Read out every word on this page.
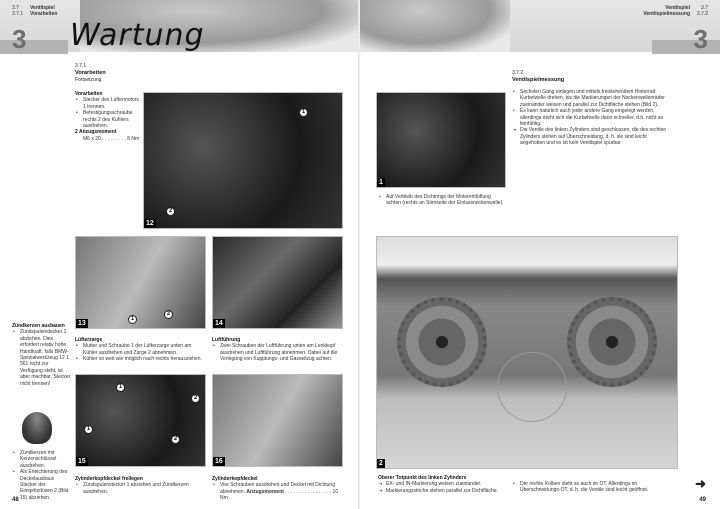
3.7 Ventilspiel
3.7.1 Vorarbeiten
3 Wartung
3.7.1
Vorarbeiten
Fortsetzung
Vorarbeiten
• Stecker des Lüftermotors 1 trennen.
• Befestigungsschraube rechts 2 des Kühlers ausdrehen.
2 Anzugsmoment
M6 x 20 . . . . . . . . . 8 Nm
1
2
12
Zündkerzen ausbauen
• Zündspulenstecker 1 abziehen. Dies erfordert relativ hohe Handkraft, falls BMW-Spezialwerkzeug 12 1 561 nicht zur Verfügung steht, ist aber machbar. Stecker nicht trennen!
• Zündkerzen mit Kerzenschlüssel ausdrehen.
• Als Erleichterung des Deckelausbaus Stecker der Einspritzdüsen 2 (Bild 15) abziehen.
1
2
13	14
Lüfterzarge
• Mutter und Schraube 1 der Lüfterzarge unten am Kühler ausdrehen und Zarge 2 abnehmen.
• Kühler so weit wie möglich nach rechts herausziehen.
Luftführung
• Zwei Schrauben der Luftführung unten am Lenkkopf ausdrehen und Luftführung abnehmen. Dabei auf die Verlegung von Kupplungs- und Gasseilzug achten.
1
1
2
2
15	16
Zylinderkopfdeckel freilegen
• Zündspulenstecker 1 abziehen und Zündkerzen ausdrehen.
Zylinderkopfdeckel
• Vier Schrauben ausdrehen und Deckel mit Dichtung abnehmen. Anzugsmoment . . . . . . . . . . . . . . . . . 10 Nm
48
Ventilspiel 3.7
Ventilspielmessung 3.7.2
3
3.7.2
Ventilspielmessung
• Sechsten Gang einlegen und mittels freistehendem Hinterrad Kurbelwelle drehen, bis die Markierungen der Nockenwellenräder zueinander weisen und parallel zur Dichtfläche stehen (Bild 2).
• Es kann natürlich auch jeder andere Gang eingelegt werden, allerdings dreht sich die Kurbelwelle dann schneller, d.h. nicht so feinfühlig.
➜ Die Ventile des linken Zylinders sind geschlossen, die des rechten Zylinders stehen auf Überschneidung, d. h. sie sind leicht angehoben und es ist kein Ventilspiel spürbar.
1
• Auf Verbleib des Dichtrings der Motorentlüftung achten (rechts an Stirnseite der Einlassnockenwelle).
2
Oberer Totpunkt des linken Zylinders
➜ EX- und IN-Markierung weisen zueinander.
➜ Markierungsstriche stehen parallel zur Dichtfläche.
• Der rechte Kolben steht so auch im OT. Allerdings im Überschneidungs-OT, d. h. die Ventile sind leicht geöffnet.	➜
49
